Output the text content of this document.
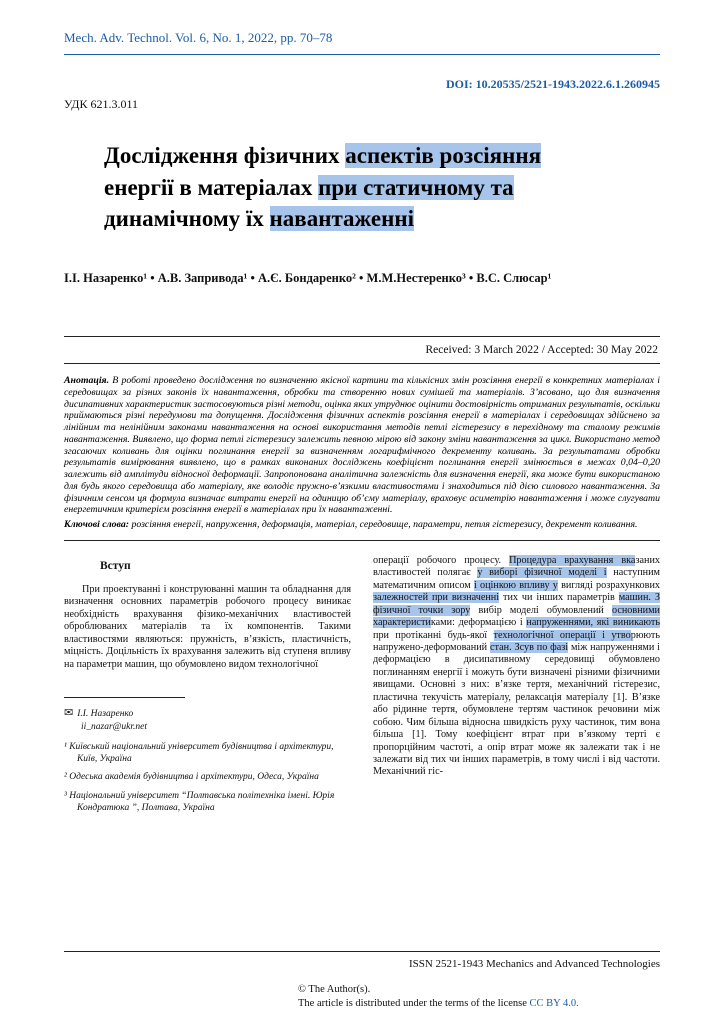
Mech. Adv. Technol. Vol. 6, No. 1, 2022, pp. 70–78
DOI: 10.20535/2521-1943.2022.6.1.260945
УДК 621.3.011
Дослідження фізичних аспектів розсіяння енергії в матеріалах при статичному та динамічному їх навантаженні
І.І. Назаренко¹ • А.В. Запривода¹ • А.Є. Бондаренко² • М.М.Нестеренко³ • В.С. Слюсар¹
Received: 3 March 2022 / Accepted: 30 May 2022

Анотація. В роботі проведено дослідження по визначенню якісної картини та кількісних змін розсіяння енергії в конкретних матеріалах і середовищах за різних законів їх навантаження, обробки та створенню нових сумішей та матеріалів. З’ясовано, що для визначення дисипативних характеристик застосовуються різні методи, оцінка яких утруднює оцінити достовірність отриманих результатів, оскільки приймаються різні передумови та допущення. Дослідження фізичних аспектів розсіяння енергії в матеріалах і середовищах здійснено за лінійним та нелінійним законами навантаження на основі використання методів петлі гістерезису в перехідному та сталому режимів навантаження. Виявлено, що форма петлі гістерезису залежить певною мірою від закону зміни навантаження за цикл. Використано метод згасаючих коливань для оцінки поглинання енергії за визначенням логарифмічного декременту коливань. За результатами обробки результатів вимірювання виявлено, що в рамках виконаних досліджень коефіцієнт поглинання енергії змінюється в межах 0,04–0,20 залежить від амплітуди відносної деформації. Запропонована аналітична залежність для визначення енергії, яка може бути використаною для будь якого середовища або матеріалу, яке володіє пружно-в’язкими властивостями і знаходиться під дією силового навантаження. За фізичним сенсом ця формула визначає витрати енергії на одиницю об’єму матеріалу, враховує асиметрію навантаження і може слугувати енергетичним критерієм розсіяння енергії в матеріалах при їх навантаженні.

Ключові слова: розсіяння енергії, напруження, деформація, матеріал, середовище, параметри, петля гістерезису, декремент коливання.

Вступ

При проектуванні і конструюванні машин та обладнання для визначення основних параметрів робочого процесу виникає необхідність врахування фізико-механічних властивостей оброблюваних матеріалів та їх компонентів. Такими властивостями являються: пружність, в’язкість, пластичність, міцність. Доцільність їх врахування залежить від ступеня впливу на параметри машин, що обумовлено видом технологічної

✉ І.І. Назаренко
ii_nazar@ukr.net

¹ Київський національний університет будівництва і архітектури, Київ, Україна

² Одеська академія будівництва і архітектури, Одеса, Україна

³ Національний університет “Полтавська політехніка імені. Юрія Кондратюка ”, Полтава, Україна

операції робочого процесу. Процедура врахування вказаних властивостей полягає у виборі фізичної моделі і наступним математичним описом і оцінкою впливу у вигляді розрахункових залежностей при визначенні тих чи інших параметрів машин. З фізичної точки зору вибір моделі обумовлений основними характеристиками: деформацією і напруженнями, які виникають при протіканні будь-якої технологічної операції і утворюють напружено-деформований стан. Зсув по фазі між напруженнями і деформацією в дисипативному середовищі обумовлено поглинанням енергії і можуть бути визначені різними фізичними явищами. Основні з них: в’язке тертя, механічний гістерезис, пластична текучість матеріалу, релаксація матеріалу [1]. В’язке або рідинне тертя, обумовлене тертям частинок речовини між собою. Чим більша відносна швидкість руху частинок, тим вона більша [1]. Тому коефіцієнт втрат при в’язкому терті є пропорційним частоті, а опір втрат може як залежати так і не залежати від тих чи інших параметрів, в тому числі і від частоти. Механічний гіс-

ISSN 2521-1943 Mechanics and Advanced Technologies
© The Author(s).
The article is distributed under the terms of the license CC BY 4.0.
